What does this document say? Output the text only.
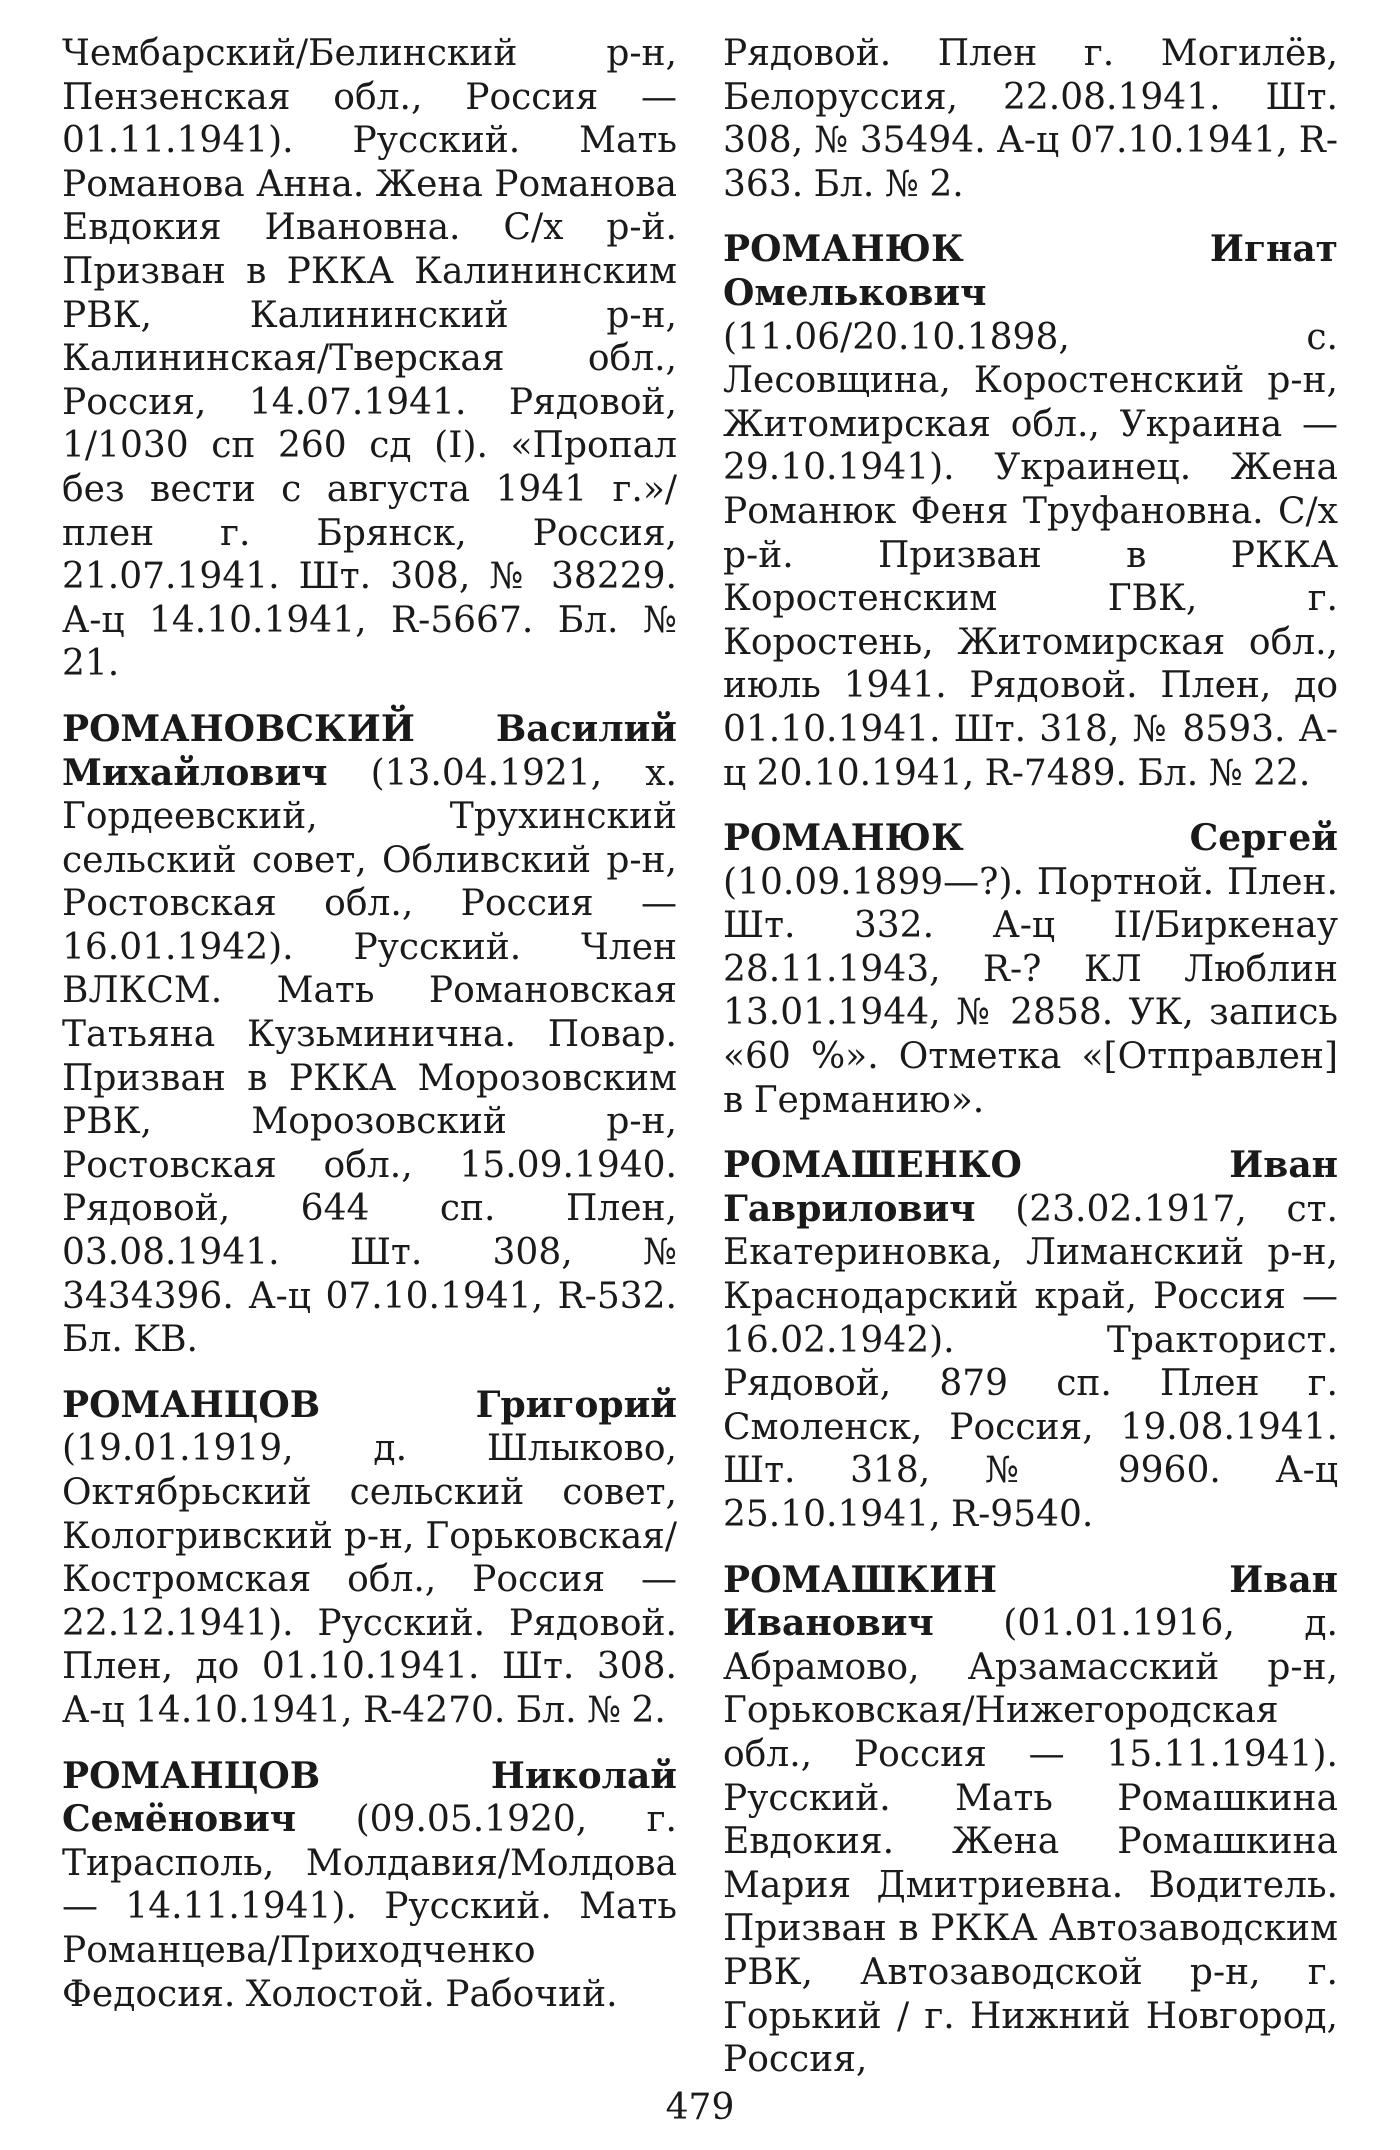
Чембарский/Белинский р-н, Пензенская обл., Россия — 01.11.1941). Русский. Мать Романова Анна. Жена Романова Евдокия Ивановна. С/х р-й. Призван в РККА Калининским РВК, Калининский р-н, Калининская/Тверская обл., Россия, 14.07.1941. Рядовой, 1/1030 сп 260 сд (I). «Пропал без вести с августа 1941 г.»/плен г. Брянск, Россия, 21.07.1941. Шт. 308, № 38229. А-ц 14.10.1941, R-5667. Бл. № 21.

РОМАНОВСКИЙ Василий Михайлович (13.04.1921, х. Гордеевский, Трухинский сельский совет, Обливский р-н, Ростовская обл., Россия — 16.01.1942). Русский. Член ВЛКСМ. Мать Романовская Татьяна Кузьминична. Повар. Призван в РККА Морозовским РВК, Морозовский р-н, Ростовская обл., 15.09.1940. Рядовой, 644 сп. Плен, 03.08.1941. Шт. 308, № 3434396. А-ц 07.10.1941, R-532. Бл. KB.

РОМАНЦОВ Григорий (19.01.1919, д. Шлыково, Октябрьский сельский совет, Кологривский р-н, Горьковская/Костромская обл., Россия — 22.12.1941). Русский. Рядовой. Плен, до 01.10.1941. Шт. 308. А-ц 14.10.1941, R-4270. Бл. № 2.

РОМАНЦОВ Николай Семёнович (09.05.1920, г. Тирасполь, Молдавия/Молдова — 14.11.1941). Русский. Мать Романцева/Приходченко Федосия. Холостой. Рабочий.

Рядовой. Плен г. Могилёв, Белоруссия, 22.08.1941. Шт. 308, № 35494. А-ц 07.10.1941, R-363. Бл. № 2.

РОМАНЮК Игнат Омелькович (11.06/20.10.1898, с. Лесовщина, Коростенский р-н, Житомирская обл., Украина — 29.10.1941). Украинец. Жена Романюк Феня Труфановна. С/х р-й. Призван в РККА Коростенским ГВК, г. Коростень, Житомирская обл., июль 1941. Рядовой. Плен, до 01.10.1941. Шт. 318, № 8593. А-ц 20.10.1941, R-7489. Бл. № 22.

РОМАНЮК Сергей (10.09.1899—?). Портной. Плен. Шт. 332. А-ц II/Биркенау 28.11.1943, R-? КЛ Люблин 13.01.1944, № 2858. УК, запись «60 %». Отметка «[Отправлен] в Германию».

РОМАШЕНКО Иван Гаврилович (23.02.1917, ст. Екатериновка, Лиманский р-н, Краснодарский край, Россия — 16.02.1942). Тракторист. Рядовой, 879 сп. Плен г. Смоленск, Россия, 19.08.1941. Шт. 318, № 9960. А-ц 25.10.1941, R-9540.

РОМАШКИН Иван Иванович (01.01.1916, д. Абрамово, Арзамасский р-н, Горьковская/Нижегородская обл., Россия — 15.11.1941). Русский. Мать Ромашкина Евдокия. Жена Ромашкина Мария Дмитриевна. Водитель. Призван в РККА Автозаводским РВК, Автозаводской р-н, г. Горький / г. Нижний Новгород, Россия,

479
